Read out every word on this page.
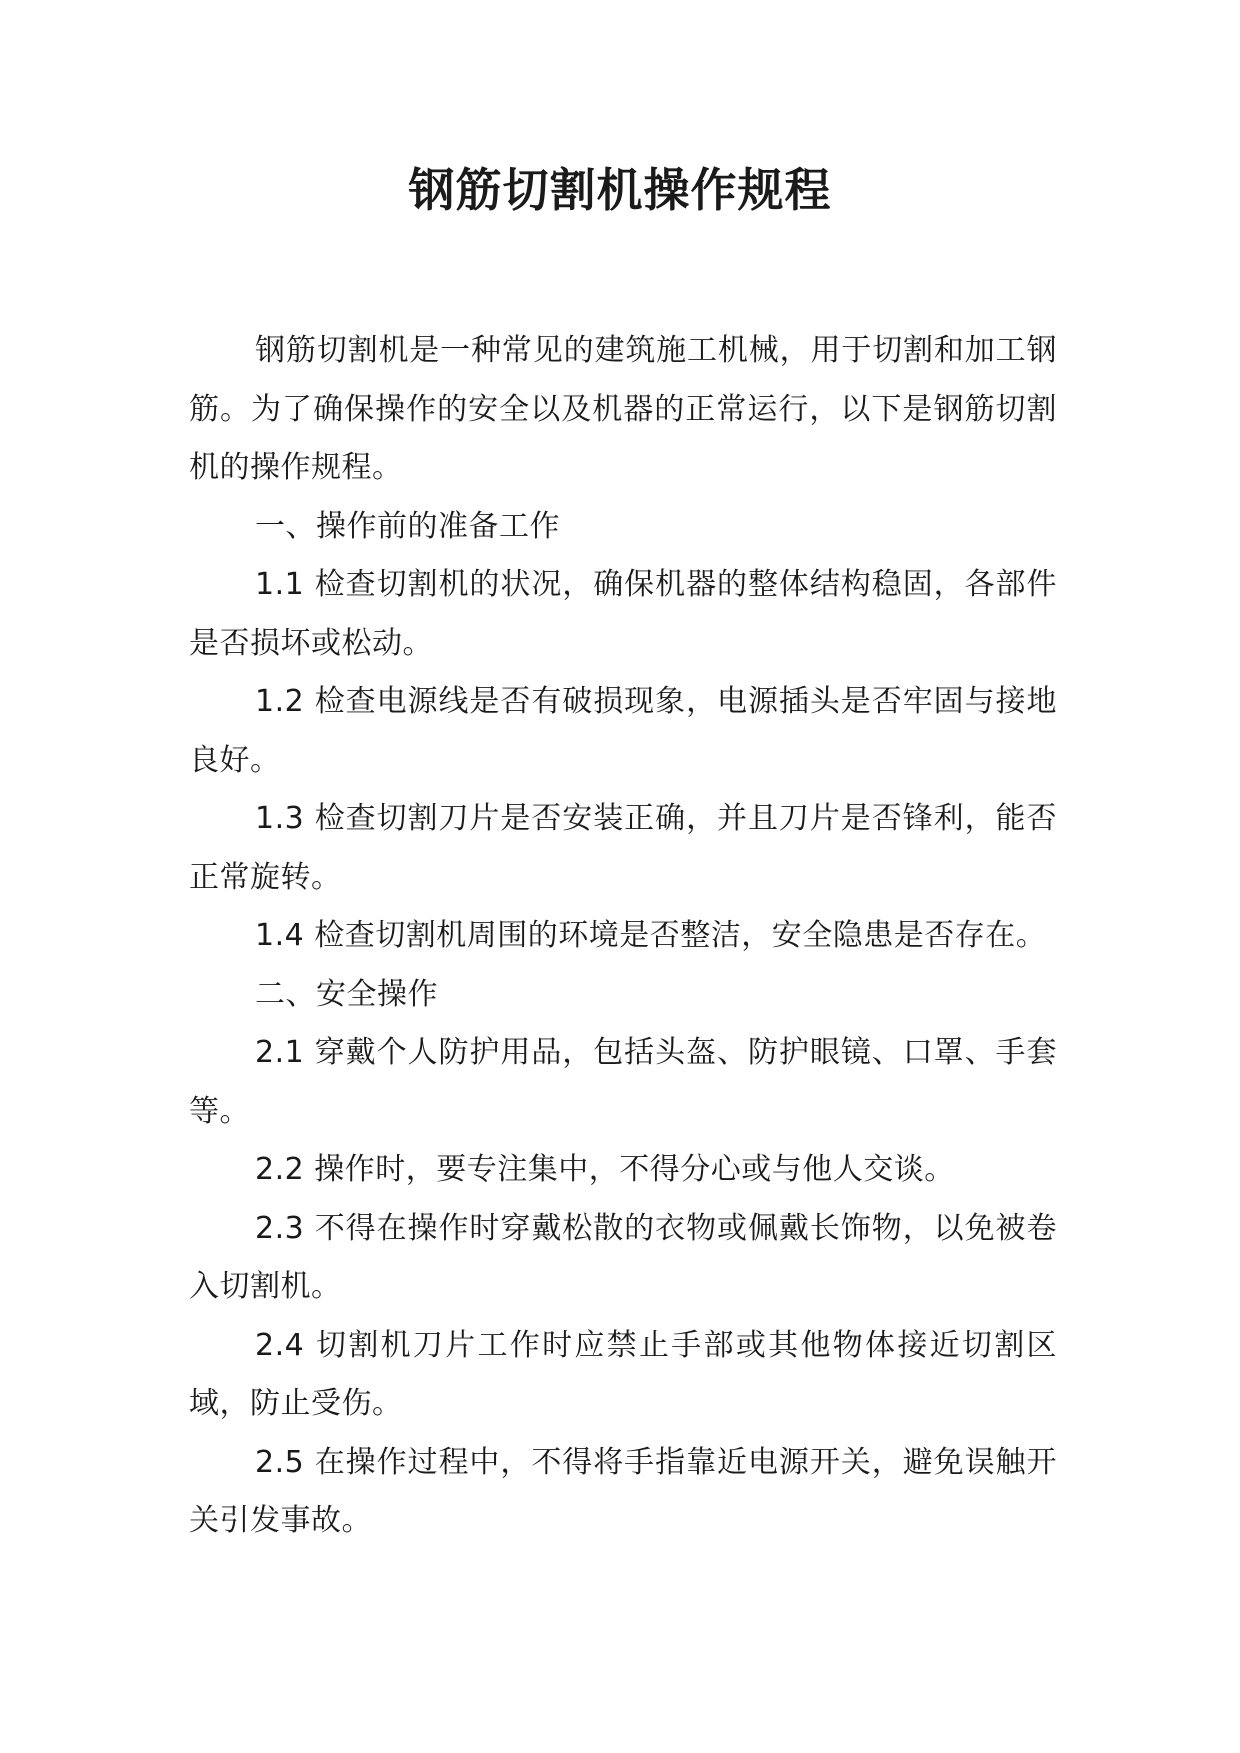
钢筋切割机操作规程

钢筋切割机是一种常见的建筑施工机械，用于切割和加工钢筋。为了确保操作的安全以及机器的正常运行，以下是钢筋切割机的操作规程。

一、操作前的准备工作

1.1 检查切割机的状况，确保机器的整体结构稳固，各部件是否损坏或松动。

1.2 检查电源线是否有破损现象，电源插头是否牢固与接地良好。

1.3 检查切割刀片是否安装正确，并且刀片是否锋利，能否正常旋转。

1.4 检查切割机周围的环境是否整洁，安全隐患是否存在。

二、安全操作

2.1 穿戴个人防护用品，包括头盔、防护眼镜、口罩、手套等。

2.2 操作时，要专注集中，不得分心或与他人交谈。

2.3 不得在操作时穿戴松散的衣物或佩戴长饰物，以免被卷入切割机。

2.4 切割机刀片工作时应禁止手部或其他物体接近切割区域，防止受伤。

2.5 在操作过程中，不得将手指靠近电源开关，避免误触开关引发事故。
